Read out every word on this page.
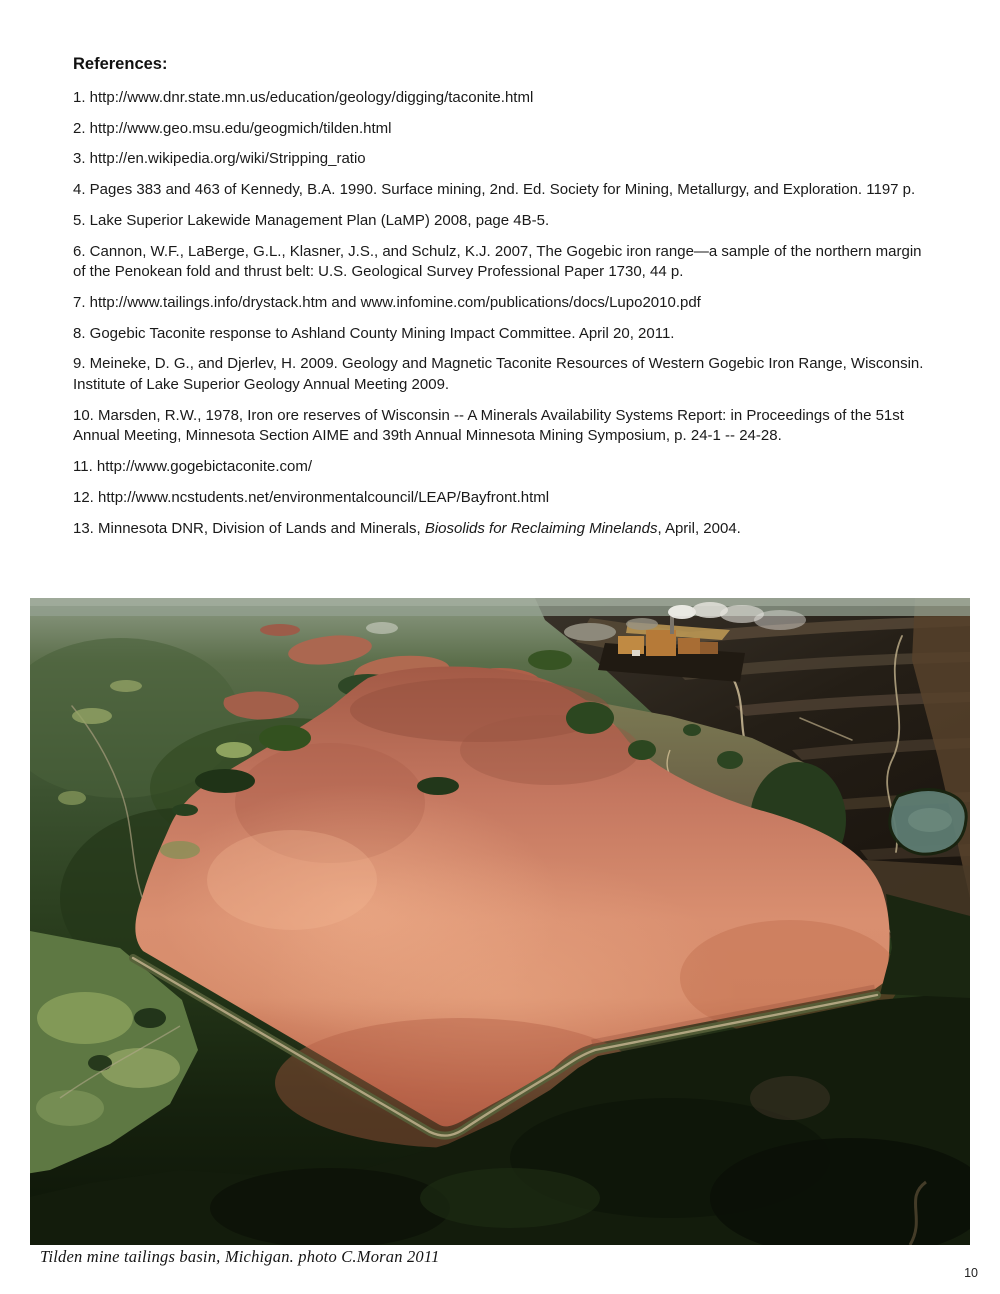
References:

1. http://www.dnr.state.mn.us/education/geology/digging/taconite.html

2. http://www.geo.msu.edu/geogmich/tilden.html

3. http://en.wikipedia.org/wiki/Stripping_ratio

4. Pages 383 and 463 of Kennedy, B.A. 1990. Surface mining, 2nd. Ed. Society for Mining, Metallurgy, and Exploration. 1197 p.

5. Lake Superior Lakewide Management Plan (LaMP) 2008, page 4B-5.

6. Cannon, W.F., LaBerge, G.L., Klasner, J.S., and Schulz, K.J. 2007, The Gogebic iron range—a sample of the northern margin of the Penokean fold and thrust belt: U.S. Geological Survey Professional Paper 1730, 44 p.

7. http://www.tailings.info/drystack.htm and www.infomine.com/publications/docs/Lupo2010.pdf

8. Gogebic Taconite response to Ashland County Mining Impact Committee. April 20, 2011.

9. Meineke, D. G., and Djerlev, H. 2009. Geology and Magnetic Taconite Resources of Western Gogebic Iron Range, Wisconsin. Institute of Lake Superior Geology Annual Meeting 2009.

10. Marsden, R.W., 1978, Iron ore reserves of Wisconsin -- A Minerals Availability Systems Report: in Proceedings of the 51st Annual Meeting, Minnesota Section AIME and 39th Annual Minnesota Mining Symposium, p. 24-1 -- 24-28.

11. http://www.gogebictaconite.com/

12. http://www.ncstudents.net/environmentalcouncil/LEAP/Bayfront.html

13. Minnesota DNR, Division of Lands and Minerals, Biosolids for Reclaiming Minelands, April, 2004.

Tilden mine tailings basin, Michigan. photo C.Moran 2011
10
